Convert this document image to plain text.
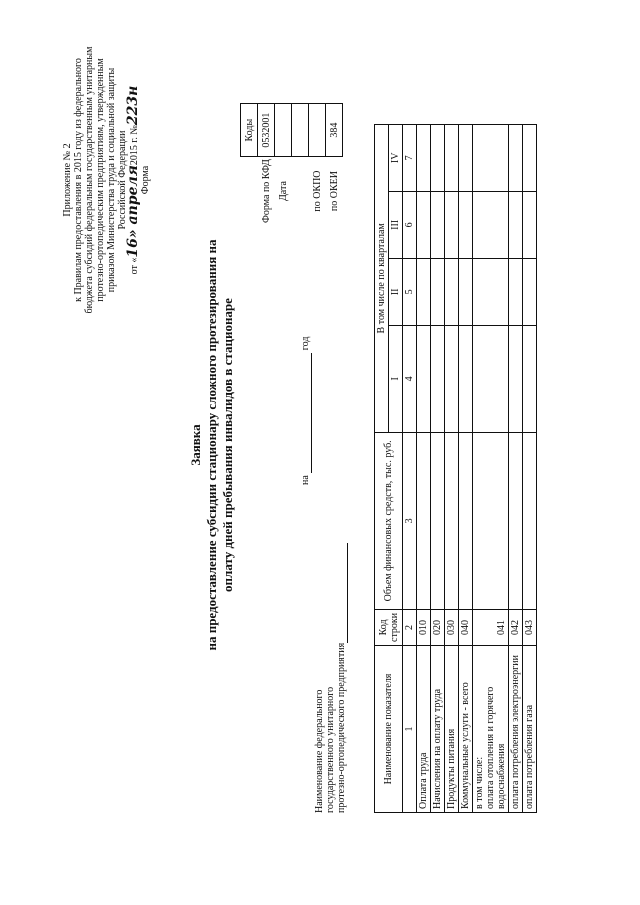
Приложение № 2 к Правилам предоставления в 2015 году из федерального бюджета субсидий федеральным государственным унитарным протезно-ортопедическим предприятиям, утвержденным приказом Министерства труда и социальной защиты Российской Федерации
от «16» апреля2015 г. №223н
Форма
	Коды
Форма по КФД	0532001
Дата	

по ОКПО	
по ОКЕИ	384
Заявка на предоставление субсидии стационару сложного протезирования на оплату дней пребывания инвалидов в стационаре	на   год
Наименование федерального государственного унитарного протезно-ортопедического предприятия	Наименование показателя	Код строки	Объем финансовых средств, тыс. руб.	В том числе по кварталам			
			I	II	III	IV
1	2	3	4	5	6	7
Оплата труда	010					
Начисления на оплату труда	020					
Продукты питания	030					
Коммунальные услуги - всего	040					

в том числе: оплата отопления и горячего водоснабжения	041					
оплата потребления электроэнергии	042					
оплата потребления газа	043					
